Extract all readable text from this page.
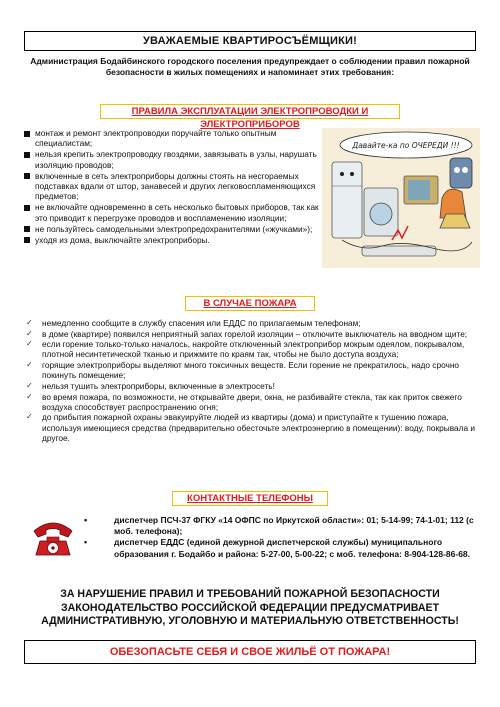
УВАЖАЕМЫЕ КВАРТИРОСЪЁМЩИКИ!
Администрация Бодайбинского городского поселения предупреждает о соблюдении правил пожарной безопасности в жилых помещениях и напоминает этих требования:
ПРАВИЛА ЭКСПЛУАТАЦИИ ЭЛЕКТРОПРОВОДКИ И ЭЛЕКТРОПРИБОРОВ
монтаж и ремонт электропроводки поручайте только опытным специалистам;
нельзя крепить электропроводку гвоздями, завязывать в узлы, нарушать изоляцию проводов;
включенные в сеть электроприборы должны стоять на несгораемых подставках вдали от штор, занавесей и других легковоспламеняющихся предметов;
не включайте одновременно в сеть несколько бытовых приборов, так как это приводит к перегрузке проводов и воспламенению изоляции;
не пользуйтесь самодельными электропредохранителями («жучками»);
уходя из дома, выключайте электроприборы.
Давайте-ка по ОЧЕРЕДИ !!!
В СЛУЧАЕ ПОЖАРА
✓ немедленно сообщите в службу спасения или ЕДДС по прилагаемым телефонам;
✓ в доме (квартире) появился неприятный запах горелой изоляции – отключите выключатель на вводном щите;
✓ если горение только-только началось, накройте отключенный электроприбор мокрым одеялом, покрывалом, плотной несинтетической тканью и прижмите по краям так, чтобы не было доступа воздуха;
✓ горящие электроприборы выделяют много токсичных веществ. Если горение не прекратилось, надо срочно покинуть помещение;
✓ нельзя тушить электроприборы, включенные в электросеть!
✓ во время пожара, по возможности, не открывайте двери, окна, не разбивайте стекла, так как приток свежего воздуха способствует распространению огня;
✓ до прибытия пожарной охраны эвакуируйте людей из квартиры (дома) и приступайте к тушению пожара, используя имеющиеся средства (предварительно обесточьте электроэнергию в помещении): воду, покрывала и другое.
КОНТАКТНЫЕ ТЕЛЕФОНЫ
•	диспетчер ПСЧ-37 ФГКУ «14 ОФПС по Иркутской области»: 01; 5-14-99; 74-1-01; 112 (с моб. телефона);
•	диспетчер ЕДДС (единой дежурной диспетчерской службы) муниципального образования г. Бодайбо и района: 5-27-00, 5-00-22; с моб. телефона: 8-904-128-86-68.
ЗА НАРУШЕНИЕ ПРАВИЛ И ТРЕБОВАНИЙ ПОЖАРНОЙ БЕЗОПАСНОСТИ ЗАКОНОДАТЕЛЬСТВО РОССИЙСКОЙ ФЕДЕРАЦИИ ПРЕДУСМАТРИВАЕТ АДМИНИСТРАТИВНУЮ, УГОЛОВНУЮ И МАТЕРИАЛЬНУЮ ОТВЕТСТВЕННОСТЬ!
ОБЕЗОПАСЬТЕ СЕБЯ И СВОЕ ЖИЛЬЁ ОТ ПОЖАРА!
